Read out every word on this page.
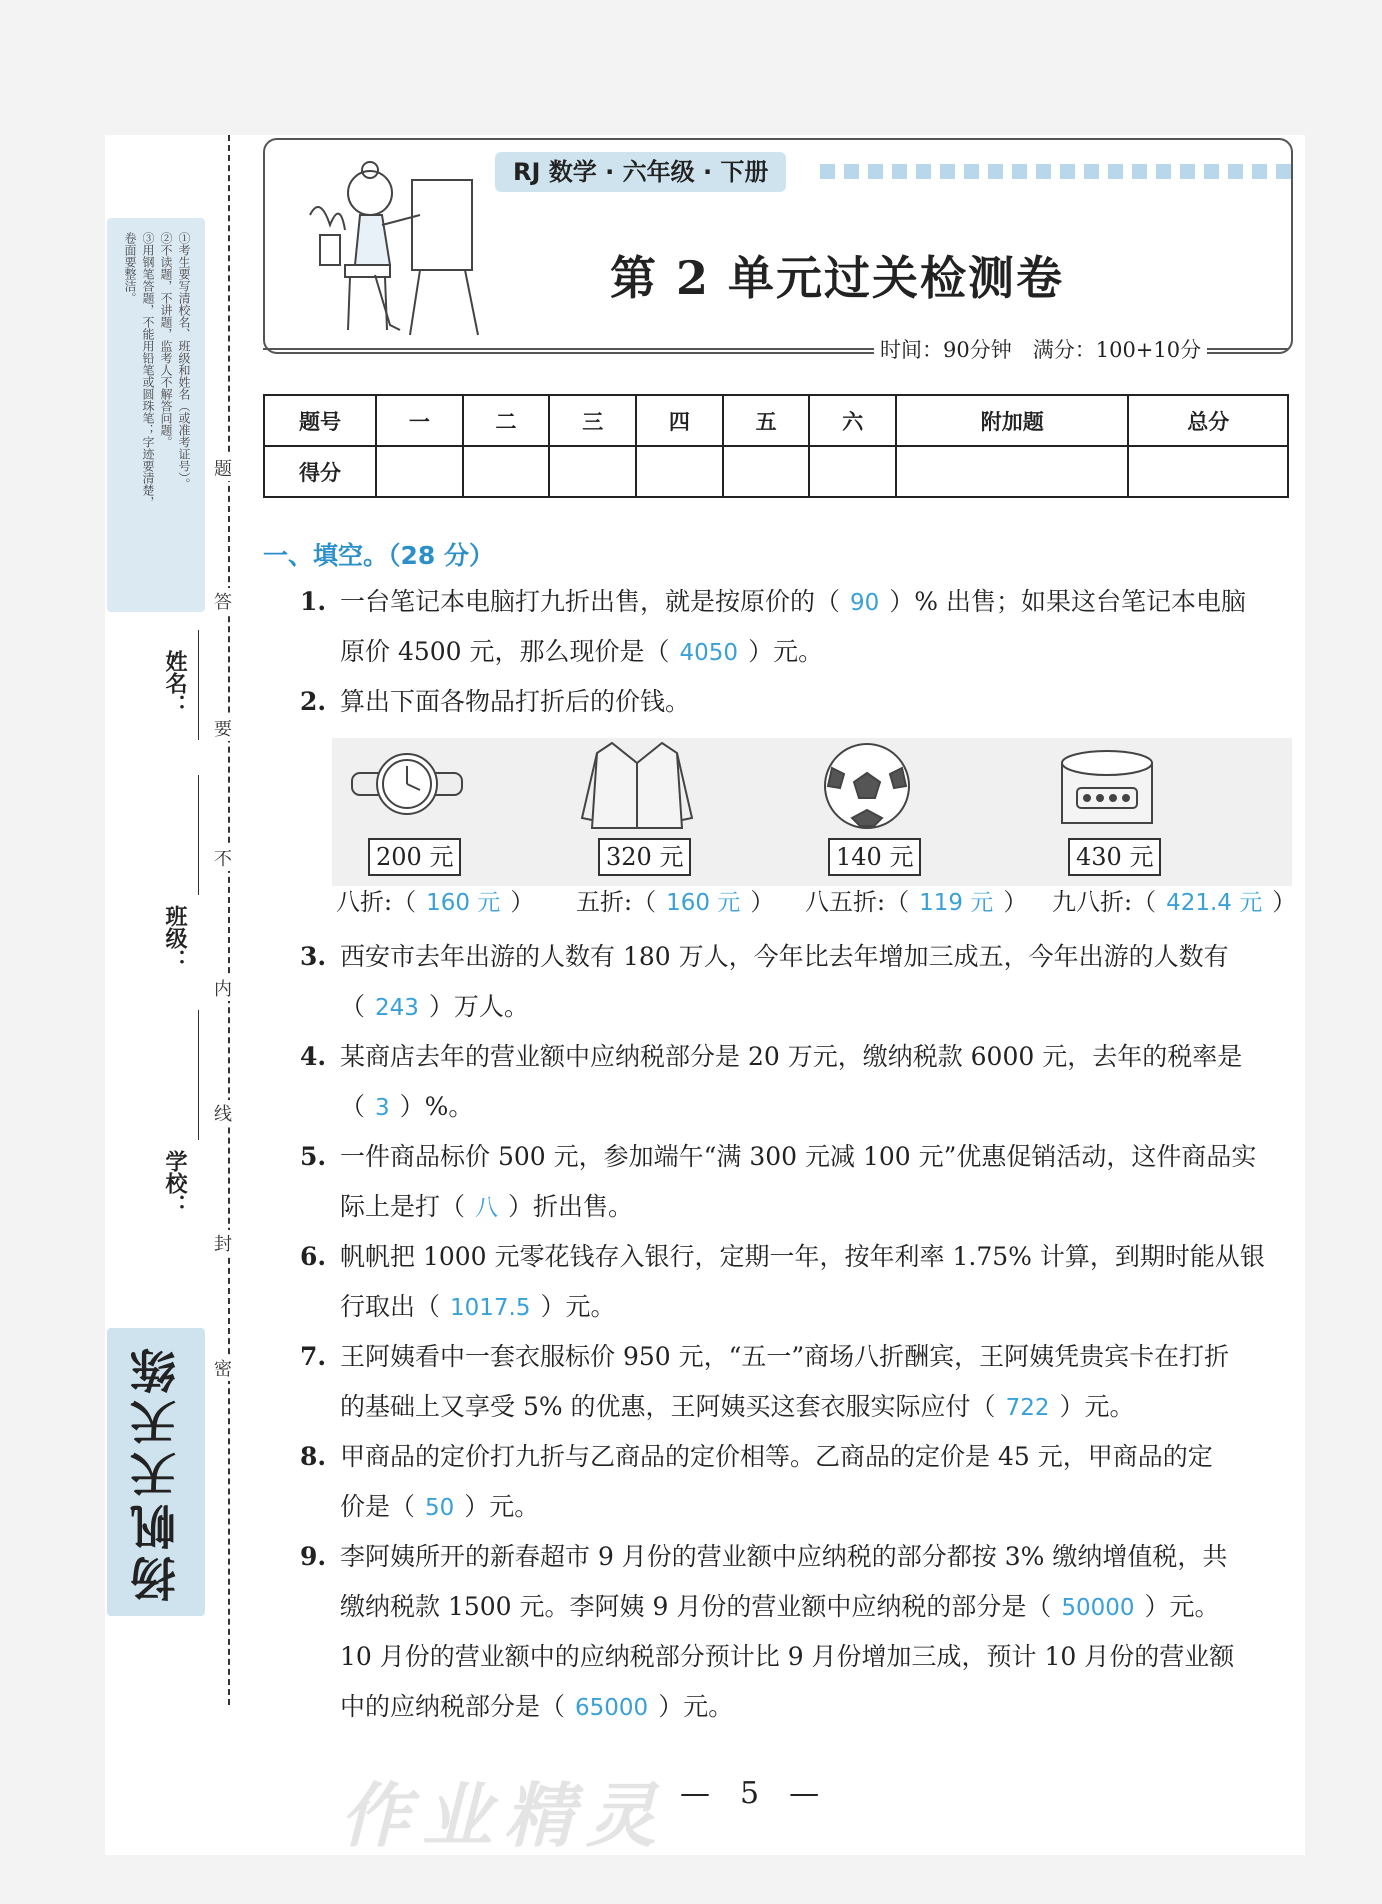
①考生要写清校名、班级和姓名（或准考证号）。
②不读题，不讲题，监考人不解答问题。
③用钢笔答题，不能用铅笔或圆珠笔；字迹要清楚，
卷面要整洁。
姓名：
班级：
学校：
题
答
要
不
内
线
封
密
扬帆天天练
RJ 数学 · 六年级 · 下册
第 2 单元过关检测卷
时间：90分钟　满分：100+10分
题号	一	二	三	四	五	六	附加题	总分
得分								
一、填空。（28 分）
1. 一台笔记本电脑打九折出售，就是按原价的（ 90 ）% 出售；如果这台笔记本电脑
原价 4500 元，那么现价是（ 4050 ）元。
2. 算出下面各物品打折后的价钱。
200 元	320 元	140 元	430 元
八折:（ 160 元 ） 五折:（ 160 元 ） 八五折:（ 119 元 ） 九八折:（ 421.4 元 ）
3. 西安市去年出游的人数有 180 万人，今年比去年增加三成五，今年出游的人数有
（ 243 ）万人。
4. 某商店去年的营业额中应纳税部分是 20 万元，缴纳税款 6000 元，去年的税率是
（ 3 ）%。
5. 一件商品标价 500 元，参加端午“满 300 元减 100 元”优惠促销活动，这件商品实
际上是打（ 八 ）折出售。
6. 帆帆把 1000 元零花钱存入银行，定期一年，按年利率 1.75% 计算，到期时能从银
行取出（ 1017.5 ）元。
7. 王阿姨看中一套衣服标价 950 元，“五一”商场八折酬宾，王阿姨凭贵宾卡在打折
的基础上又享受 5% 的优惠，王阿姨买这套衣服实际应付（ 722 ）元。
8. 甲商品的定价打九折与乙商品的定价相等。乙商品的定价是 45 元，甲商品的定
价是（ 50 ）元。
9. 李阿姨所开的新春超市 9 月份的营业额中应纳税的部分都按 3% 缴纳增值税，共
缴纳税款 1500 元。李阿姨 9 月份的营业额中应纳税的部分是（ 50000 ）元。
10 月份的营业额中的应纳税部分预计比 9 月份增加三成，预计 10 月份的营业额
中的应纳税部分是（ 65000 ）元。
作业精灵 —　5　—
